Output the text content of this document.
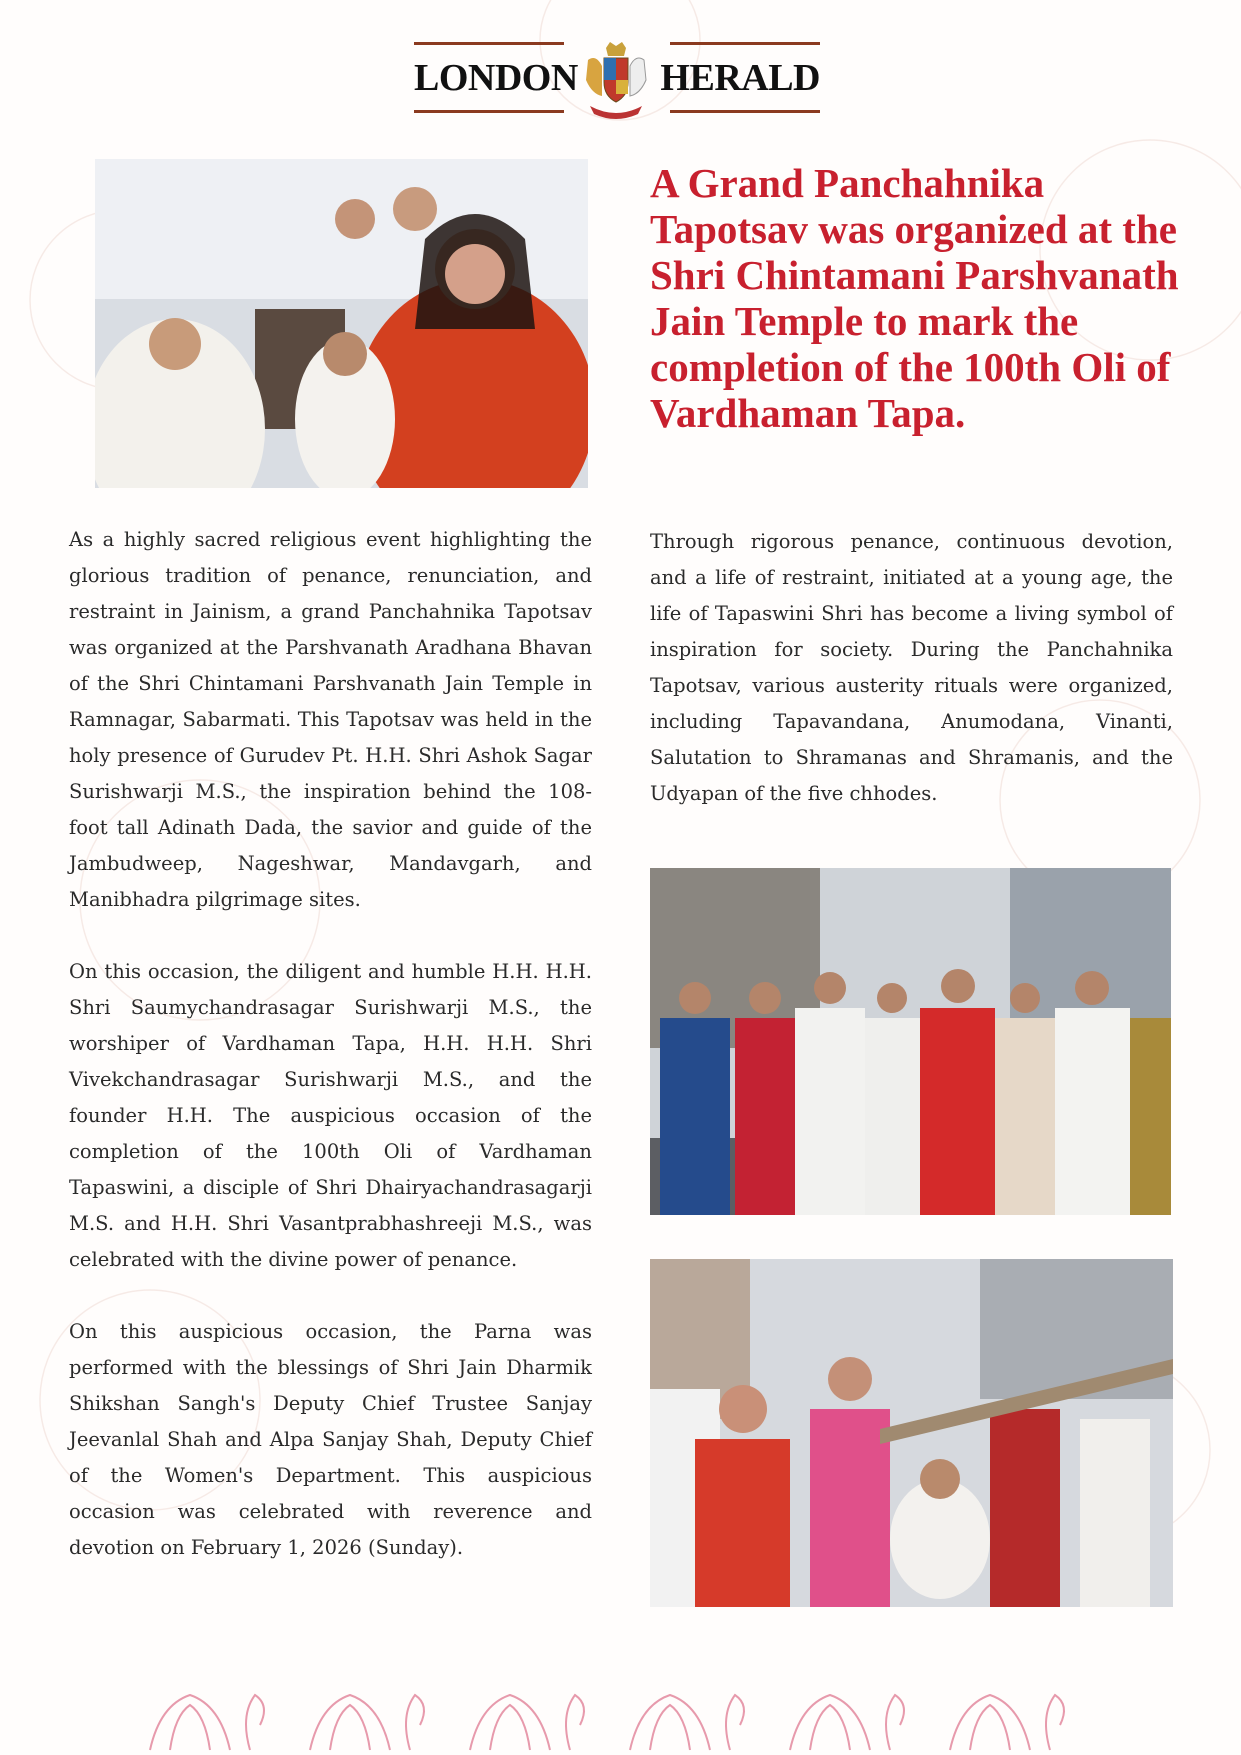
LONDON HERALD
A Grand Panchahnika Tapotsav was organized at the Shri Chintamani Parshvanath Jain Temple to mark the completion of the 100th Oli of Vardhaman Tapa.

As a highly sacred religious event highlighting the glorious tradition of penance, renunciation, and restraint in Jainism, a grand Panchahnika Tapotsav was organized at the Parshvanath Aradhana Bhavan of the Shri Chintamani Parshvanath Jain Temple in Ramnagar, Sabarmati. This Tapotsav was held in the holy presence of Gurudev Pt. H.H. Shri Ashok Sagar Surishwarji M.S., the inspiration behind the 108-foot tall Adinath Dada, the savior and guide of the Jambudweep, Nageshwar, Mandavgarh, and Manibhadra pilgrimage sites.

On this occasion, the diligent and humble H.H. H.H. Shri Saumychandrasagar Surishwarji M.S., the worshiper of Vardhaman Tapa, H.H. H.H. Shri Vivekchandrasagar Surishwarji M.S., and the founder H.H. The auspicious occasion of the completion of the 100th Oli of Vardhaman Tapaswini, a disciple of Shri Dhairyachandrasagarji M.S. and H.H. Shri Vasantprabhashreeji M.S., was celebrated with the divine power of penance.

On this auspicious occasion, the Parna was performed with the blessings of Shri Jain Dharmik Shikshan Sangh's Deputy Chief Trustee Sanjay Jeevanlal Shah and Alpa Sanjay Shah, Deputy Chief of the Women's Department. This auspicious occasion was celebrated with reverence and devotion on February 1, 2026 (Sunday).

Through rigorous penance, continuous devotion, and a life of restraint, initiated at a young age, the life of Tapaswini Shri has become a living symbol of inspiration for society. During the Panchahnika Tapotsav, various austerity rituals were organized, including Tapavandana, Anumodana, Vinanti, Salutation to Shramanas and Shramanis, and the Udyapan of the five chhodes.
